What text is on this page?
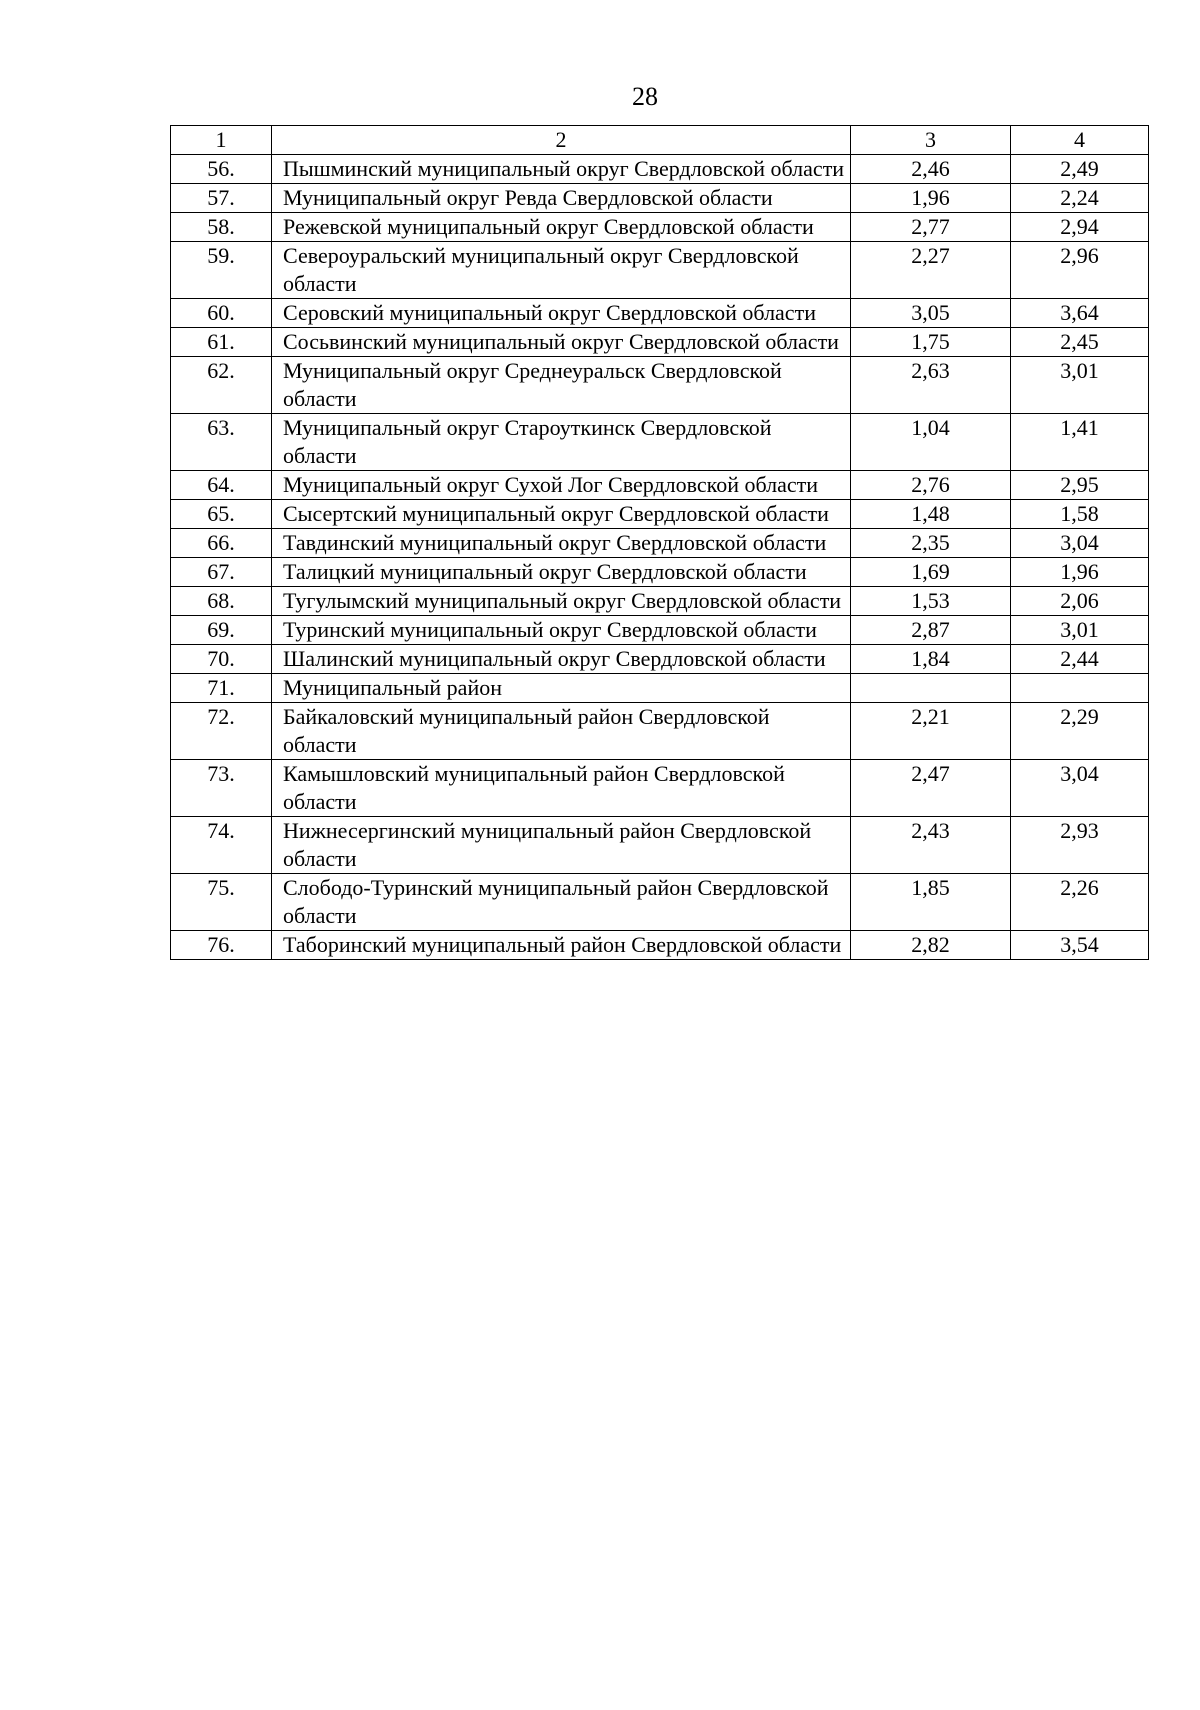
28
1	2	3	4
56.	Пышминский муниципальный округ Свердловской области	2,46	2,49
57.	Муниципальный округ Ревда Свердловской области	1,96	2,24
58.	Режевской муниципальный округ Свердловской области	2,77	2,94
59.	Североуральский муниципальный округ Свердловской области	2,27	2,96
60.	Серовский муниципальный округ Свердловской области	3,05	3,64
61.	Сосьвинский муниципальный округ Свердловской области	1,75	2,45
62.	Муниципальный округ Среднеуральск Свердловской области	2,63	3,01
63.	Муниципальный округ Староуткинск Свердловской области	1,04	1,41
64.	Муниципальный округ Сухой Лог Свердловской области	2,76	2,95
65.	Сысертский муниципальный округ Свердловской области	1,48	1,58
66.	Тавдинский муниципальный округ Свердловской области	2,35	3,04
67.	Талицкий муниципальный округ Свердловской области	1,69	1,96
68.	Тугулымский муниципальный округ Свердловской области	1,53	2,06
69.	Туринский муниципальный округ Свердловской области	2,87	3,01
70.	Шалинский муниципальный округ Свердловской области	1,84	2,44
71.	Муниципальный район		
72.	Байкаловский муниципальный район Свердловской области	2,21	2,29
73.	Камышловский муниципальный район Свердловской области	2,47	3,04
74.	Нижнесергинский муниципальный район Свердловской области	2,43	2,93
75.	Слободо-Туринский муниципальный район Свердловской области	1,85	2,26
76.	Таборинский муниципальный район Свердловской области	2,82	3,54
